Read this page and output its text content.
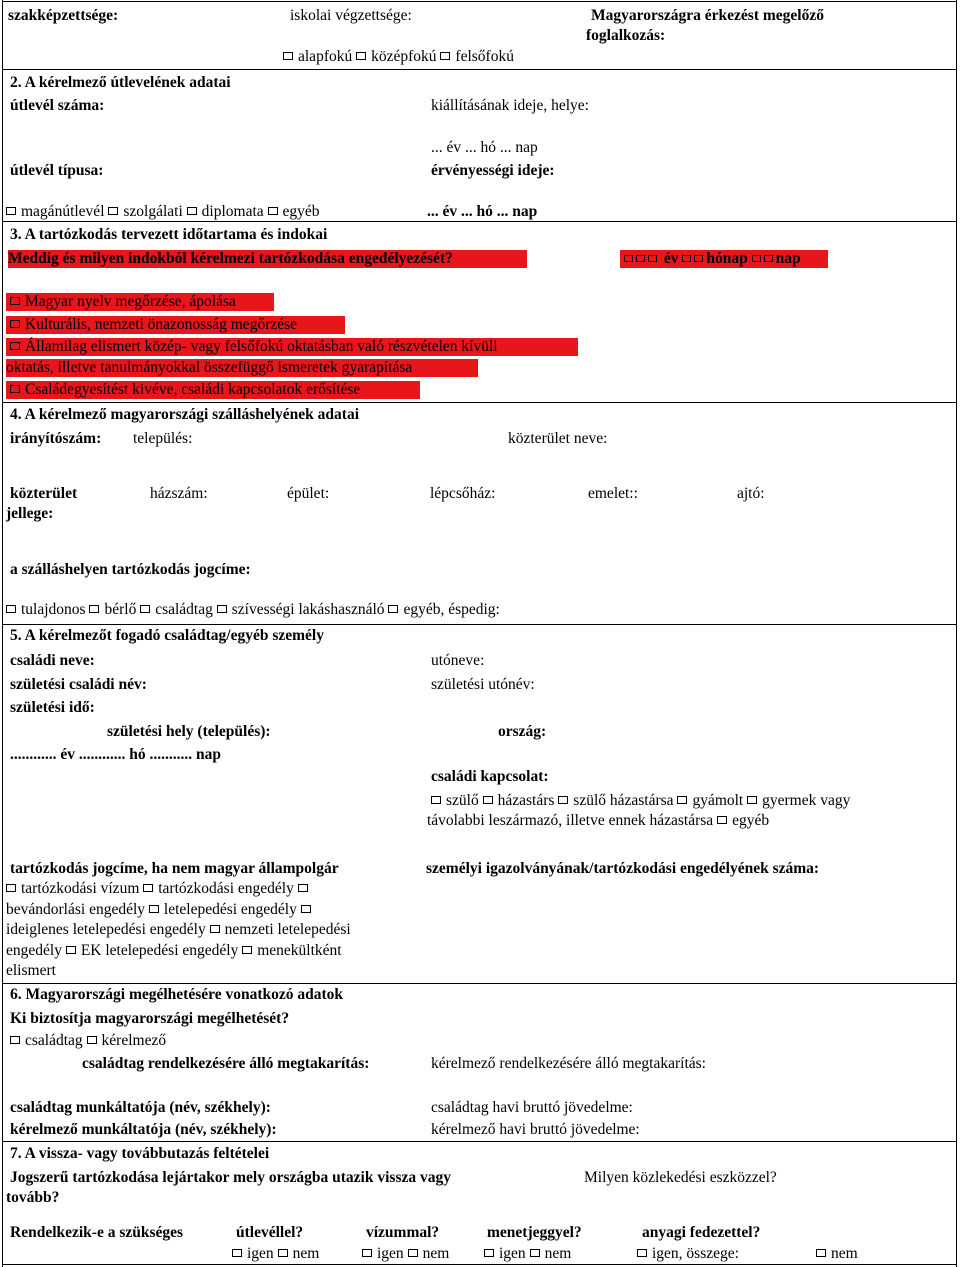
szakképzettsége:	iskolai végzettsége:	Magyarországra érkezést megelőző
foglalkozás:
alapfokú középfokú felsőfokú
2. A kérelmező útlevelének adatai
útlevél száma:	kiállításának ideje, helye:
... év ... hó ... nap
útlevél típusa:	érvényességi ideje:
magánútlevél szolgálati diplomata egyéb	... év ... hó ... nap
3. A tartózkodás tervezett időtartama és indokai
Meddig és milyen indokból kérelmezi tartózkodása engedélyezését?	év hónap nap
Magyar nyelv megőrzése, ápolása
Kulturális, nemzeti önazonosság megőrzése
Államilag elismert közép- vagy felsőfokú oktatásban való részvételen kívüli
oktatás, illetve tanulmányokkal összefüggő ismeretek gyarapítása
Családegyesítést kivéve, családi kapcsolatok erősítése
4. A kérelmező magyarországi szálláshelyének adatai
irányítószám: település:	közterület neve:
közterület
jellege:
házszám:	épület:	lépcsőház:	emelet::	ajtó:
a szálláshelyen tartózkodás jogcíme:
tulajdonos bérlő családtag szívességi lakáshasználó egyéb, éspedig:
5. A kérelmezőt fogadó családtag/egyéb személy
családi neve:	utóneve:
születési családi név:	születési utónév:
születési idő:
születési hely (település):	ország:
............ év ............ hó ........... nap
családi kapcsolat:
szülő házastárs szülő házastársa gyámolt gyermek vagy
távolabbi leszármazó, illetve ennek házastársa egyéb
tartózkodás jogcíme, ha nem magyar állampolgár	személyi igazolványának/tartózkodási engedélyének száma:
tartózkodási vízum tartózkodási engedély
bevándorlási engedély letelepedési engedély
ideiglenes letelepedési engedély nemzeti letelepedési
engedély EK letelepedési engedély menekültként
elismert
6. Magyarországi megélhetésére vonatkozó adatok
Ki biztosítja magyarországi megélhetését?
családtag kérelmező
családtag rendelkezésére álló megtakarítás:	kérelmező rendelkezésére álló megtakarítás:
családtag munkáltatója (név, székhely):	családtag havi bruttó jövedelme:
kérelmező munkáltatója (név, székhely):	kérelmező havi bruttó jövedelme:
7. A vissza- vagy továbbutazás feltételei
Jogszerű tartózkodása lejártakor mely országba utazik vissza vagy
tovább?
Milyen közlekedési eszközzel?
Rendelkezik-e a szükséges	útlevéllel?	vízummal?	menetjeggyel?	anyagi fedezettel?
igen nem	igen nem	igen nem	igen, összege:	nem
